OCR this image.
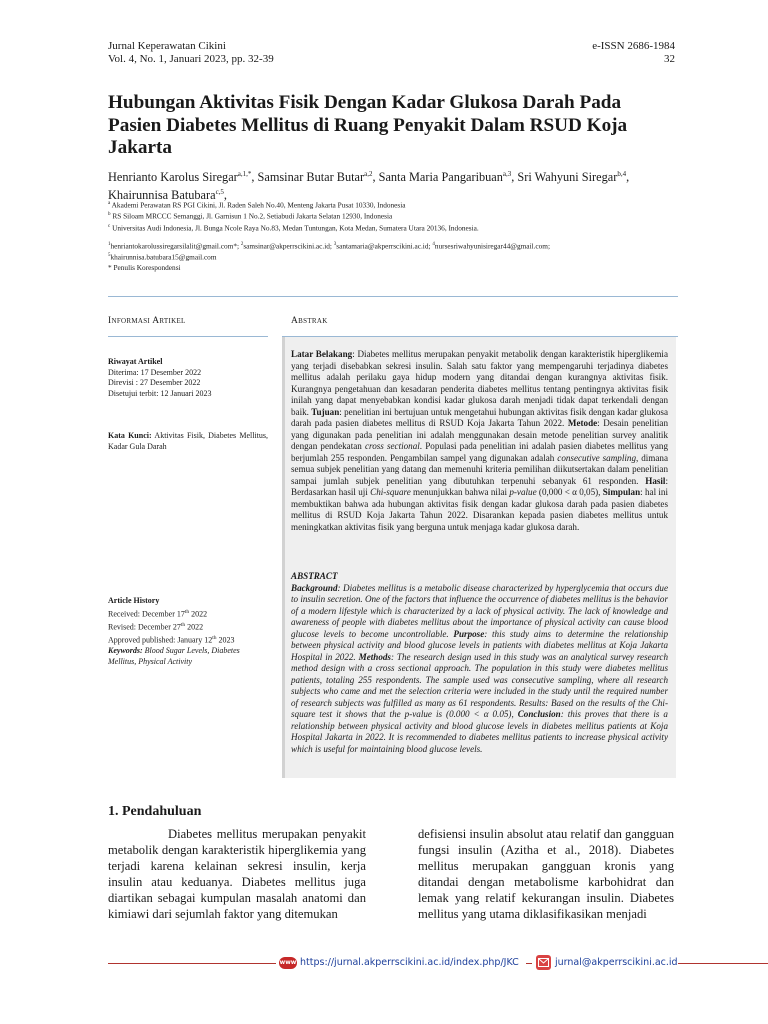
Jurnal Keperawatan Cikini
Vol. 4, No. 1, Januari 2023, pp. 32-39
e-ISSN 2686-1984
32
Hubungan Aktivitas Fisik Dengan Kadar Glukosa Darah Pada Pasien Diabetes Mellitus di Ruang Penyakit Dalam RSUD Koja Jakarta
Henrianto Karolus Siregar$^{a,1,*}$, Samsinar Butar Butar$^{a,2}$, Santa Maria Pangaribuan$^{a,3}$, Sri Wahyuni Siregar$^{b,4}$, Khairunnisa Batubara$^{c,5}$,
$^a$ Akademi Perawatan RS PGI Cikini, Jl. Raden Saleh No.40, Menteng Jakarta Pusat 10330, Indonesia
$^b$ RS Siloam MRCCC Semanggi, Jl. Garnisun 1 No.2, Setiabudi Jakarta Selatan 12930, Indonesia
$^c$ Universitas Audi Indonesia, Jl. Bunga Ncole Raya No.83, Medan Tuntungan, Kota Medan, Sumatera Utara 20136, Indonesia.
$^1$henriantokarolussiregarsilalit@gmail.com*; $^2$samsinar@akperrscikini.ac.id; $^3$santamaria@akperrscikini.ac.id; $^4$nursesriwahyunisiregar44@gmail.com;
$^5$khairunnisa.batubara15@gmail.com
* Penulis Korespondensi
Informasi Artikel	Abstrak
Riwayat Artikel
Diterima: 17 Desember 2022
Direvisi : 27 Desember 2022
Disetujui terbit: 12 Januari 2023
Kata Kunci: Aktivitas Fisik, Diabetes Mellitus, Kadar Gula Darah
Article History
Received: December 17th 2022
Revised: December 27th 2022
Approved published: January 12th 2023
Keywords: Blood Sugar Levels, Diabetes Mellitus, Physical Activity
Latar Belakang: Diabetes mellitus merupakan penyakit metabolik dengan karakteristik hiperglikemia yang terjadi disebabkan sekresi insulin. Salah satu faktor yang mempengaruhi terjadinya diabetes mellitus adalah perilaku gaya hidup modern yang ditandai dengan kurangnya aktivitas fisik. Kurangnya pengetahuan dan kesadaran penderita diabetes mellitus tentang pentingnya aktivitas fisik inilah yang dapat menyebabkan kondisi kadar glukosa darah menjadi tidak dapat terkendali dengan baik. Tujuan: penelitian ini bertujuan untuk mengetahui hubungan aktivitas fisik dengan kadar glukosa darah pada pasien diabetes mellitus di RSUD Koja Jakarta Tahun 2022. Metode: Desain penelitian yang digunakan pada penelitian ini adalah menggunakan desain metode penelitian survey analitik dengan pendekatan cross sectional. Populasi pada penelitian ini adalah pasien diabetes mellitus yang berjumlah 255 responden. Pengambilan sampel yang digunakan adalah consecutive sampling, dimana semua subjek penelitian yang datang dan memenuhi kriteria pemilihan diikutsertakan dalam penelitian sampai jumlah subjek penelitian yang dibutuhkan terpenuhi sebanyak 61 responden. Hasil: Berdasarkan hasil uji Chi-square menunjukkan bahwa nilai p-value (0,000 < α 0,05), Simpulan: hal ini membuktikan bahwa ada hubungan aktivitas fisik dengan kadar glukosa darah pada pasien diabetes mellitus di RSUD Koja Jakarta Tahun 2022. Disarankan kepada pasien diabetes mellitus untuk meningkatkan aktivitas fisik yang berguna untuk menjaga kadar glukosa darah.
ABSTRACT
Background: Diabetes mellitus is a metabolic disease characterized by hyperglycemia that occurs due to insulin secretion. One of the factors that influence the occurrence of diabetes mellitus is the behavior of a modern lifestyle which is characterized by a lack of physical activity. The lack of knowledge and awareness of people with diabetes mellitus about the importance of physical activity can cause blood glucose levels to become uncontrollable. Purpose: this study aims to determine the relationship between physical activity and blood glucose levels in patients with diabetes mellitus at Koja Jakarta Hospital in 2022. Methods: The research design used in this study was an analytical survey research method design with a cross sectional approach. The population in this study were diabetes mellitus patients, totaling 255 respondents. The sample used was consecutive sampling, where all research subjects who came and met the selection criteria were included in the study until the required number of research subjects was fulfilled as many as 61 respondents. Results: Based on the results of the Chi-square test it shows that the p-value is (0.000 < α 0.05), Conclusion: this proves that there is a relationship between physical activity and blood glucose levels in diabetes mellitus patients at Koja Hospital Jakarta in 2022. It is recommended to diabetes mellitus patients to increase physical activity which is useful for maintaining blood glucose levels.
1. Pendahuluan
Diabetes mellitus merupakan penyakit metabolik dengan karakteristik hiperglikemia yang terjadi karena kelainan sekresi insulin, kerja insulin atau keduanya. Diabetes mellitus juga diartikan sebagai kumpulan masalah anatomi dan kimiawi dari sejumlah faktor yang ditemukan
defisiensi insulin absolut atau relatif dan gangguan fungsi insulin (Azitha et al., 2018). Diabetes mellitus merupakan gangguan kronis yang ditandai dengan metabolisme karbohidrat dan lemak yang relatif kekurangan insulin. Diabetes mellitus yang utama diklasifikasikan menjadi
www https://jurnal.akperrscikini.ac.id/index.php/JKC	jurnal@akperrscikini.ac.id
